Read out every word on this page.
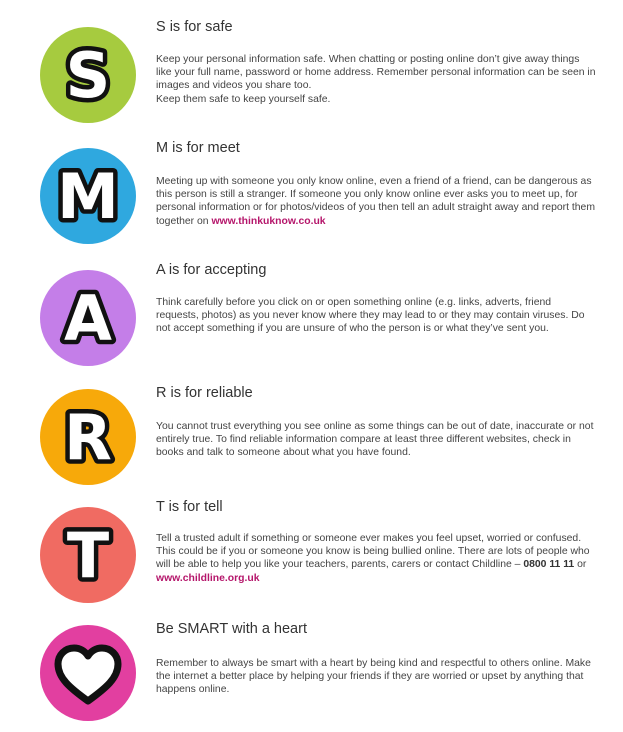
S

S is for safe

Keep your personal information safe. When chatting or posting online don’t give away things like your full name, password or home address. Remember personal information can be seen in images and videos you share too.
Keep them safe to keep yourself safe.

M

M is for meet

Meeting up with someone you only know online, even a friend of a friend, can be dangerous as this person is still a stranger. If someone you only know online ever asks you to meet up, for personal information or for photos/videos of you then tell an adult straight away and report them together on www.thinkuknow.co.uk

A

A is for accepting

Think carefully before you click on or open something online (e.g. links, adverts, friend requests, photos) as you never know where they may lead to or they may contain viruses. Do not accept something if you are unsure of who the person is or what they’ve sent you.

R

R is for reliable

You cannot trust everything you see online as some things can be out of date, inaccurate or not entirely true. To find reliable information compare at least three different websites, check in books and talk to someone about what you have found.

T

T is for tell

Tell a trusted adult if something or someone ever makes you feel upset, worried or confused. This could be if you or someone you know is being bullied online. There are lots of people who will be able to help you like your teachers, parents, carers or contact Childline – 0800 11 11 or www.childline.org.uk

Be SMART with a heart

Remember to always be smart with a heart by being kind and respectful to others online. Make the internet a better place by helping your friends if they are worried or upset by anything that happens online.
